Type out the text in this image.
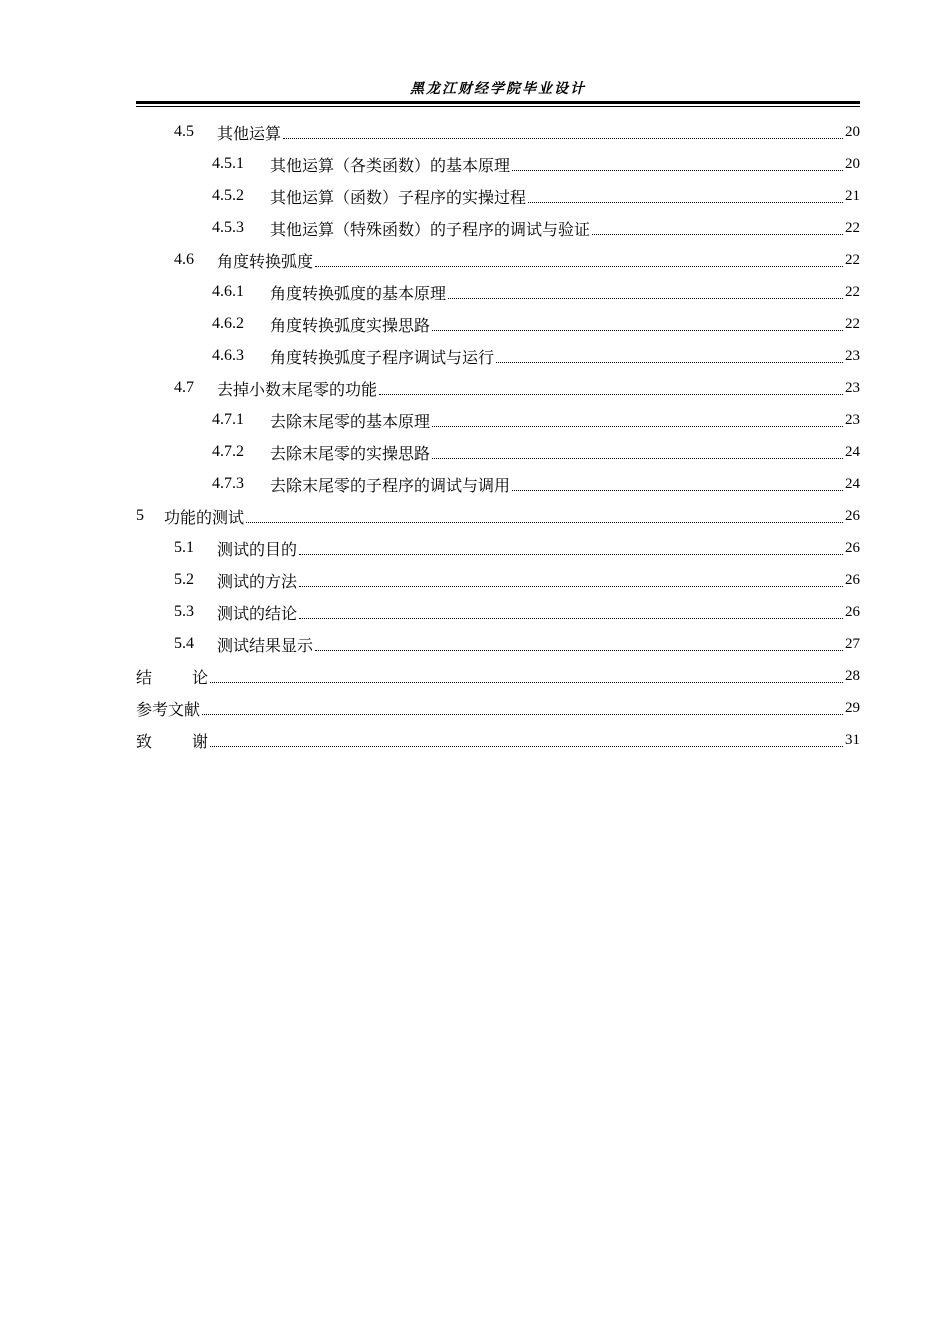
黑龙江财经学院毕业设计
4.5	其他运算	20
4.5.1	其他运算（各类函数）的基本原理	20
4.5.2	其他运算（函数）子程序的实操过程	21
4.5.3	其他运算（特殊函数）的子程序的调试与验证	22
4.6	角度转换弧度	22
4.6.1	角度转换弧度的基本原理	22
4.6.2	角度转换弧度实操思路	22
4.6.3	角度转换弧度子程序调试与运行	23
4.7	去掉小数末尾零的功能	23
4.7.1	去除末尾零的基本原理	23
4.7.2	去除末尾零的实操思路	24
4.7.3	去除末尾零的子程序的调试与调用	24
5	功能的测试	26
5.1	测试的目的	26
5.2	测试的方法	26
5.3	测试的结论	26
5.4	测试结果显示	27
结	论	28
参考文献	29
致	谢	31
